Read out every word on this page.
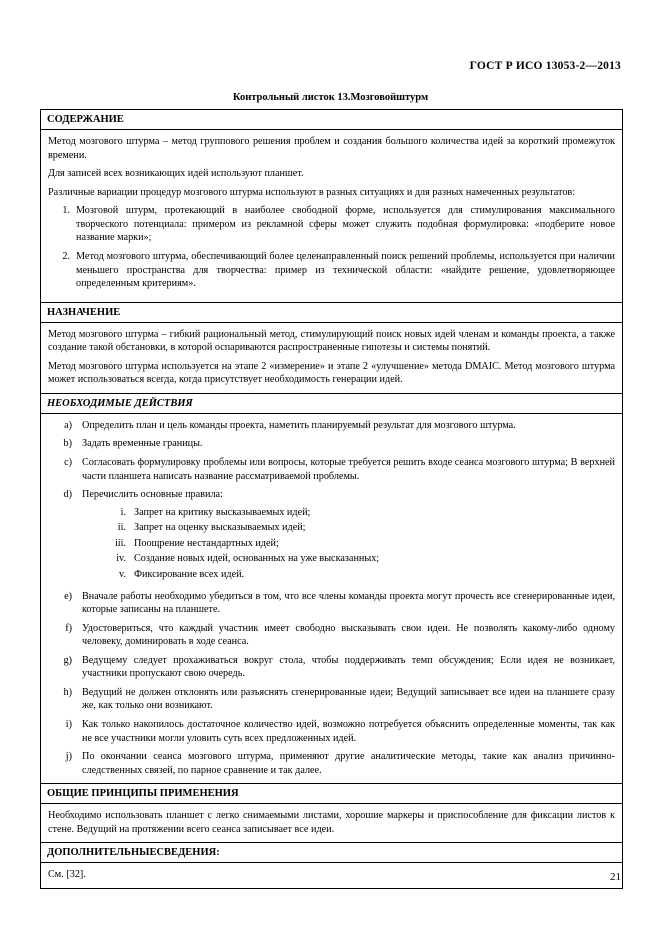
ГОСТ Р ИСО 13053-2—2013
Контрольный листок 13.Мозговойштурм
СОДЕРЖАНИЕ

Метод мозгового штурма – метод группового решения проблем и создания большого количества идей за короткий промежуток времени.

Для записей всех возникающих идей используют планшет.

Различные вариации процедур мозгового штурма используют в разных ситуациях и для разных намеченных результатов:

1. Мозговой штурм, протекающий в наиболее свободной форме, используется для стимулирования максимального творческого потенциала: примером из рекламной сферы может служить подобная формулировка: «подберите новое название марки»;
2. Метод мозгового штурма, обеспечивающий более целенаправленный поиск решений проблемы, используется при наличии меньшего пространства для творчества: пример из технической области: «найдите решение, удовлетворяющее определенным критериям».
НАЗНАЧЕНИЕ

Метод мозгового штурма – гибкий рациональный метод, стимулирующий поиск новых идей членам и команды проекта, а также создание такой обстановки, в которой оспариваются распространенные гипотезы и системы понятий.

Метод мозгового штурма используется на этапе 2 «измерение» и этапе 2 «улучшение» метода DMAIC. Метод мозгового штурма может использоваться всегда, когда присутствует необходимость генерации идей.

НЕОБХОДИМЫЕ ДЕЙСТВИЯ
a) Определить план и цель команды проекта, наметить планируемый результат для мозгового штурма.
b) Задать временные границы.
c) Согласовать формулировку проблемы или вопросы, которые требуется решить входе сеанса мозгового штурма; В верхней части планшета написать название рассматриваемой проблемы.
d) Перечислить основные правила:
i. Запрет на критику высказываемых идей;
ii. Запрет на оценку высказываемых идей;
iii. Поощрение нестандартных идей;
iv. Создание новых идей, основанных на уже высказанных;
v. Фиксирование всех идей.
e) Вначале работы необходимо убедиться в том, что все члены команды проекта могут прочесть все сгенерированные идеи, которые записаны на планшете.
f) Удостовериться, что каждый участник имеет свободно высказывать свои идеи. Не позволять какому-либо одному человеку, доминировать в ходе сеанса.
g) Ведущему следует прохаживаться вокруг стола, чтобы поддерживать темп обсуждения; Если идея не возникает, участники пропускают свою очередь.
h) Ведущий не должен отклонять или разъяснять сгенерированные идеи; Ведущий записывает все идеи на планшете сразу же, как только они возникают.
i) Как только накопилось достаточное количество идей, возможно потребуется объяснить определенные моменты, так как не все участники могли уловить суть всех предложенных идей.
j) По окончании сеанса мозгового штурма, применяют другие аналитические методы, такие как анализ причинно-следственных связей, по парное сравнение и так далее.
ОБЩИЕ ПРИНЦИПЫ ПРИМЕНЕНИЯ

Необходимо использовать планшет с легко снимаемыми листами, хорошие маркеры и приспособление для фиксации листов к стене. Ведущий на протяжении всего сеанса записывает все идеи.

ДОПОЛНИТЕЛЬНЫЕСВЕДЕНИЯ:

См. [32].	21
